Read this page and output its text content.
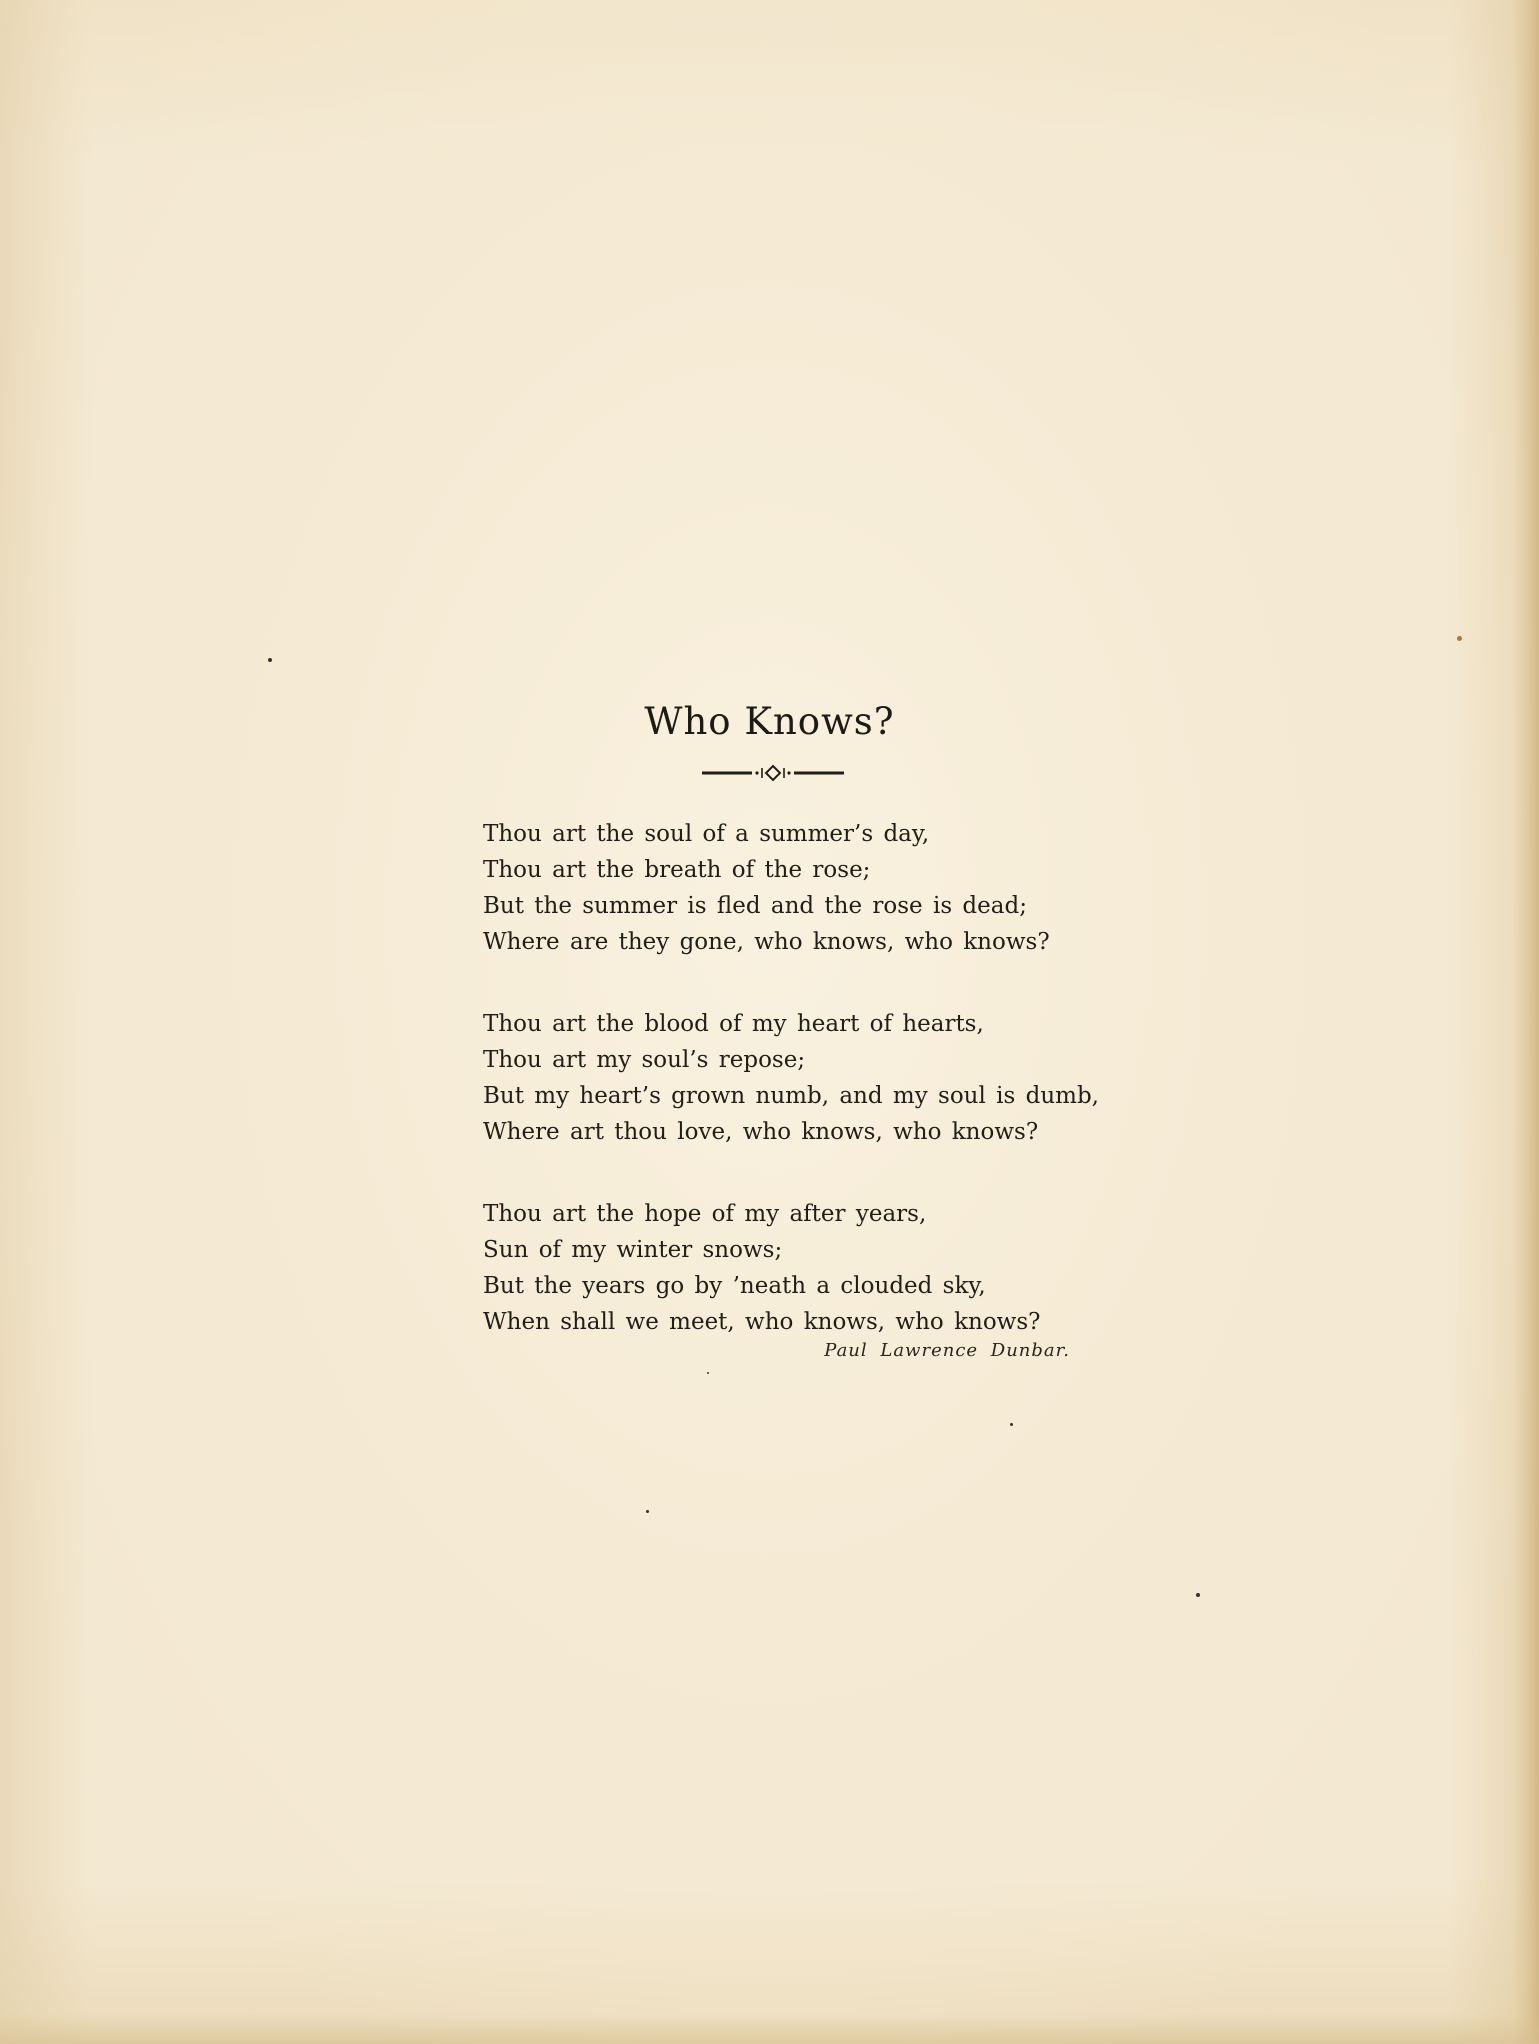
Who Knows?
Thou art the soul of a summer’s day,
Thou art the breath of the rose;
But the summer is fled and the rose is dead;
Where are they gone, who knows, who knows?
Thou art the blood of my heart of hearts,
Thou art my soul’s repose;
But my heart’s grown numb, and my soul is dumb,
Where art thou love, who knows, who knows?
Thou art the hope of my after years,
Sun of my winter snows;
But the years go by ’neath a clouded sky,
When shall we meet, who knows, who knows?
Paul Lawrence Dunbar.
